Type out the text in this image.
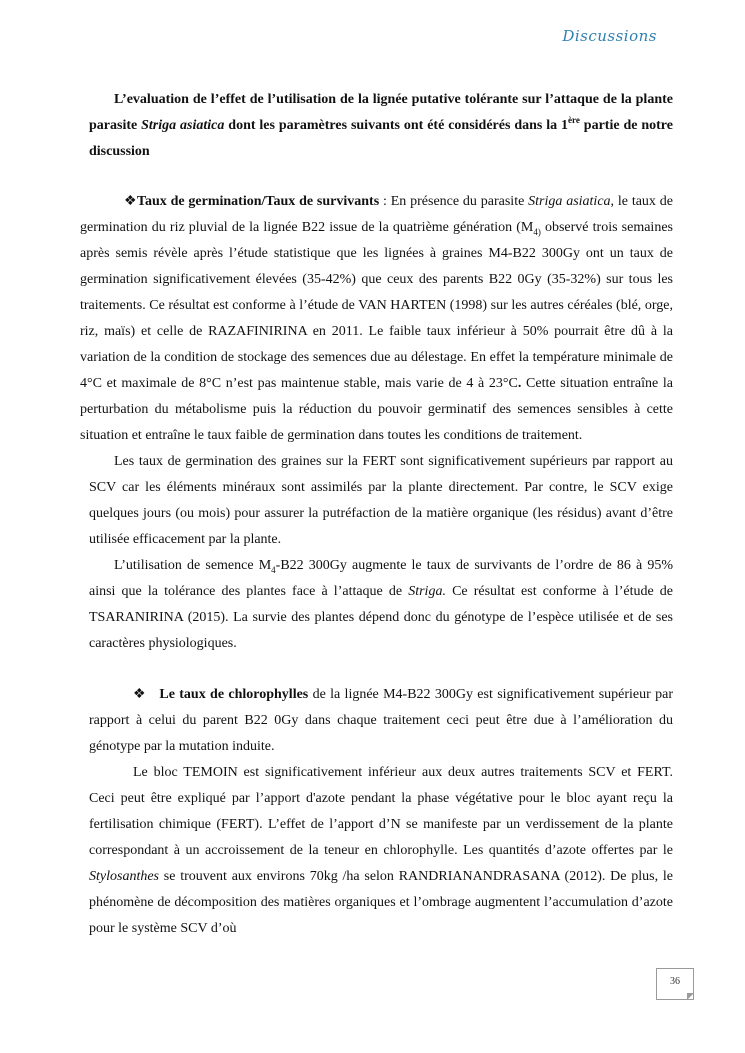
Discussions

L’evaluation de l’effet de l’utilisation de la lignée putative tolérante sur l’attaque de la plante parasite Striga asiatica dont les paramètres suivants ont été considérés dans la 1ère partie de notre discussion

❖Taux de germination/Taux de survivants : En présence du parasite Striga asiatica, le taux de germination du riz pluvial de la lignée B22 issue de la quatrième génération ($M_{4)}$ observé trois semaines après semis révèle après l’étude statistique que les lignées à graines M4-B22 300Gy ont un taux de germination significativement élevées (35-42%) que ceux des parents B22 0Gy (35-32%) sur tous les traitements. Ce résultat est conforme à l’étude de VAN HARTEN (1998) sur les autres céréales (blé, orge, riz, maïs) et celle de RAZAFINIRINA en 2011. Le faible taux inférieur à 50% pourrait être dû à la variation de la condition de stockage des semences due au délestage. En effet la température minimale de 4°C et maximale de 8°C n’est pas maintenue stable, mais varie de 4 à 23°C. Cette situation entraîne la perturbation du métabolisme puis la réduction du pouvoir germinatif des semences sensibles à cette situation et entraîne le taux faible de germination dans toutes les conditions de traitement.

Les taux de germination des graines sur la FERT sont significativement supérieurs par rapport au SCV car les éléments minéraux sont assimilés par la plante directement. Par contre, le SCV exige quelques jours (ou mois) pour assurer la putréfaction de la matière organique (les résidus) avant d’être utilisée efficacement par la plante.

L’utilisation de semence $M_4-B22$ 300Gy augmente le taux de survivants de l’ordre de 86 à 95% ainsi que la tolérance des plantes face à l’attaque de Striga. Ce résultat est conforme à l’étude de TSARANIRINA (2015). La survie des plantes dépend donc du génotype de l’espèce utilisée et de ses caractères physiologiques.

❖ Le taux de chlorophylles de la lignée M4-B22 300Gy est significativement supérieur par rapport à celui du parent B22 0Gy dans chaque traitement ceci peut être due à l’amélioration du génotype par la mutation induite.

Le bloc TEMOIN est significativement inférieur aux deux autres traitements SCV et FERT. Ceci peut être expliqué par l’apport d'azote pendant la phase végétative pour le bloc ayant reçu la fertilisation chimique (FERT). L’effet de l’apport d’N se manifeste par un verdissement de la plante correspondant à un accroissement de la teneur en chlorophylle. Les quantités d’azote offertes par le Stylosanthes se trouvent aux environs 70kg /ha selon RANDRIANANDRASANA (2012). De plus, le phénomène de décomposition des matières organiques et l’ombrage augmentent l’accumulation d’azote pour le système SCV d’où

36
